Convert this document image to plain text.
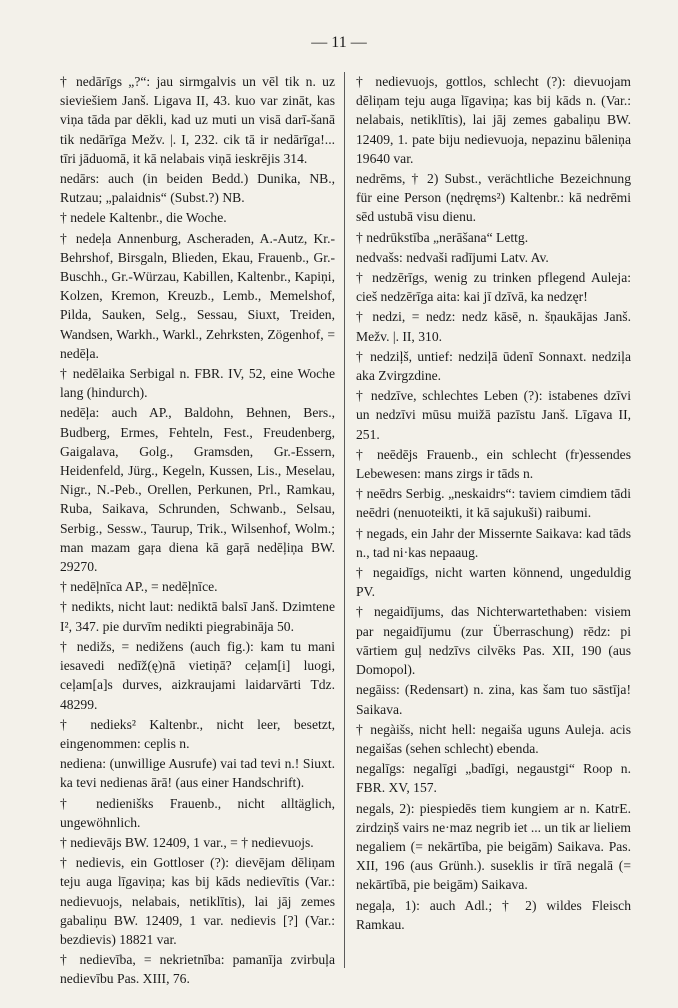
— 11 —

† nedārīgs „?“: jau sirmgalvis un vēl tik n. uz sieviešiem Janš. Ligava II, 43. kuo var zināt, kas viņa tāda par dēkli, kad uz muti un visā darī-šanā tik nedārīga Mežv. |. I, 232. cik tā ir nedārīga!... tīri jāduomā, it kā nelabais viņā ieskrējis 314.

nedārs: auch (in beiden Bedd.) Dunika, NB., Rutzau; „palaidnis“ (Subst.?) NB.

† nedele Kaltenbr., die Woche.

† nedeļa Annenburg, Ascheraden, A.-Autz, Kr.-Behrshof, Birsgaln, Blieden, Ekau, Frauenb., Gr.-Buschh., Gr.-Würzau, Kabillen, Kaltenbr., Kapiņi, Kolzen, Kremon, Kreuzb., Lemb., Memelshof, Pilda, Sauken, Selg., Sessau, Siuxt, Treiden, Wandsen, Warkh., Warkl., Zehrksten, Zögenhof, = nedēļa.

† nedēlaika Serbigal n. FBR. IV, 52, eine Woche lang (hindurch).

nedēļa: auch AP., Baldohn, Behnen, Bers., Budberg, Ermes, Fehteln, Fest., Freudenberg, Gaigalava, Golg., Gramsden, Gr.-Essern, Heidenfeld, Jürg., Kegeln, Kussen, Lis., Meselau, Nigr., N.-Peb., Orellen, Perkunen, Prl., Ramkau, Ruba, Saikava, Schrunden, Schwanb., Selsau, Serbig., Sessw., Taurup, Trik., Wilsenhof, Wolm.; man mazam gaŗa diena kā gaŗā nedēļiņa BW. 29270.

† nedēļnīca AP., = nedēļnīce.

† nedikts, nicht laut: nediktā balsī Janš. Dzimtene I², 347. pie durvīm nedikti piegrabināja 50.

† nedižs, = nedižens (auch fig.): kam tu mani iesavedi nedīž(ę)nā vietiņā? ceļam[i] luogi, ceļam[a]s durves, aizkraujami laidarvārti Tdz. 48299.

† nedieks² Kaltenbr., nicht leer, besetzt, eingenommen: ceplis n.

nediena: (unwillige Ausrufe) vai tad tevi n.! Siuxt. ka tevi nedienas ārā! (aus einer Handschrift).

† nedienišks Frauenb., nicht alltäglich, ungewöhnlich.

† nedievājs BW. 12409, 1 var., = † nedievuojs.

† nedievis, ein Gottloser (?): dievējam dēliņam teju auga līgaviņa; kas bij kāds nedievītis (Var.: nedievuojs, nelabais, netiklītis), lai jāj zemes gabaliņu BW. 12409, 1 var. nedievis [?] (Var.: bezdievis) 18821 var.

† nedievība, = nekrietnība: pamanīja zvirbuļa nedievību Pas. XIII, 76.

† nedievuojs, gottlos, schlecht (?): dievuojam dēliņam teju auga līgaviņa; kas bij kāds n. (Var.: nelabais, netiklītis), lai jāj zemes gabaliņu BW. 12409, 1. pate biju nedievuoja, nepazinu bāleniņa 19640 var.

nedrēms, † 2) Subst., verächtliche Bezeichnung für eine Person (nędręms²) Kaltenbr.: kā nedrēmi sēd ustubā visu dienu.

† nedrūkstība „nerāšana“ Lettg.

nedvašs: nedvaši radījumi Latv. Av.

† nedzērīgs, wenig zu trinken pflegend Auleja: cieš nedzērīga aita: kai jī dzīvā, ka nedzęr!

† nedzi, = nedz: nedz kāsē, n. šņaukājas Janš. Mežv. |. II, 310.

† nedziļš, untief: nedziļā ūdenī Sonnaxt. nedziļa aka Zvirgzdine.

† nedzīve, schlechtes Leben (?): istabenes dzīvi un nedzīvi mūsu muižā pazīstu Janš. Līgava II, 251.

† neēdējs Frauenb., ein schlecht (fr)essendes Lebewesen: mans zirgs ir tāds n.

† neēdrs Serbig. „neskaidrs“: taviem cimdiem tādi neēdri (nenuoteikti, it kā sajukuši) raibumi.

† negads, ein Jahr der Missernte Saikava: kad tāds n., tad ni·kas nepaaug.

† negaidīgs, nicht warten könnend, ungeduldig PV.

† negaidījums, das Nichterwartethaben: visiem par negaidījumu (zur Überraschung) rēdz: pi vārtiem guļ nedzīvs cilvēks Pas. XII, 190 (aus Domopol).

negāiss: (Redensart) n. zina, kas šam tuo sāstīja! Saikava.

† negàišs, nicht hell: negaiša uguns Auleja. acis negaišas (sehen schlecht) ebenda.

negalīgs: negalīgi „badīgi, negaustgi“ Roop n. FBR. XV, 157.

negals, 2): piespiedēs tiem kungiem ar n. KatrE. zirdziņš vairs ne·maz negrib iet ... un tik ar lieliem negaliem (= nekārtība, pie beigām) Saikava. Pas. XII, 196 (aus Grünh.). suseklis ir tīrā negalā (= nekārtībā, pie beigām) Saikava.

negaļa, 1): auch Adl.; † 2) wildes Fleisch Ramkau.
